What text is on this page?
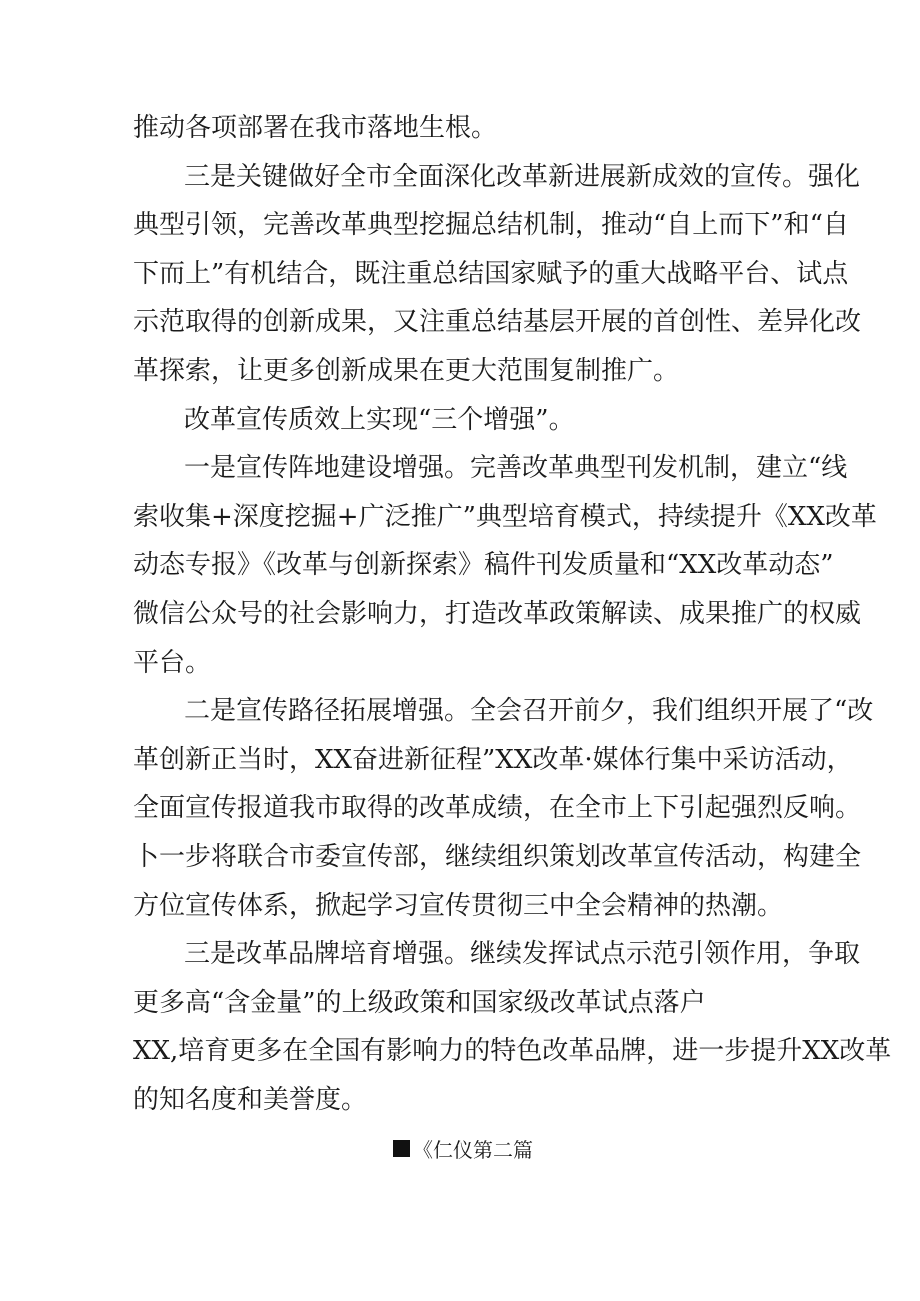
推动各项部署在我市落地生根。
三是关键做好全市全面深化改革新进展新成效的宣传。强化
典型引领，完善改革典型挖掘总结机制，推动“自上而下”和“自
下而上”有机结合，既注重总结国家赋予的重大战略平台、试点
示范取得的创新成果，又注重总结基层开展的首创性、差异化改
革探索，让更多创新成果在更大范围复制推广。
改革宣传质效上实现“三个增强”。
一是宣传阵地建设增强。完善改革典型刊发机制，建立“线
索收集+深度挖掘+广泛推广”典型培育模式，持续提升《XX改革
动态专报》《改革与创新探索》稿件刊发质量和“XX改革动态”
微信公众号的社会影响力，打造改革政策解读、成果推广的权威
平台。
二是宣传路径拓展增强。全会召开前夕，我们组织开展了“改
革创新正当时，XX奋进新征程”XX改革·媒体行集中采访活动，
全面宣传报道我市取得的改革成绩，在全市上下引起强烈反响。
卜一步将联合市委宣传部，继续组织策划改革宣传活动，构建全
方位宣传体系，掀起学习宣传贯彻三中全会精神的热潮。
三是改革品牌培育增强。继续发挥试点示范引领作用，争取
更多高“含金量”的上级政策和国家级改革试点落户
XX,培育更多在全国有影响力的特色改革品牌，进一步提升XX改革
的知名度和美誉度。
《仁仪第二篇
